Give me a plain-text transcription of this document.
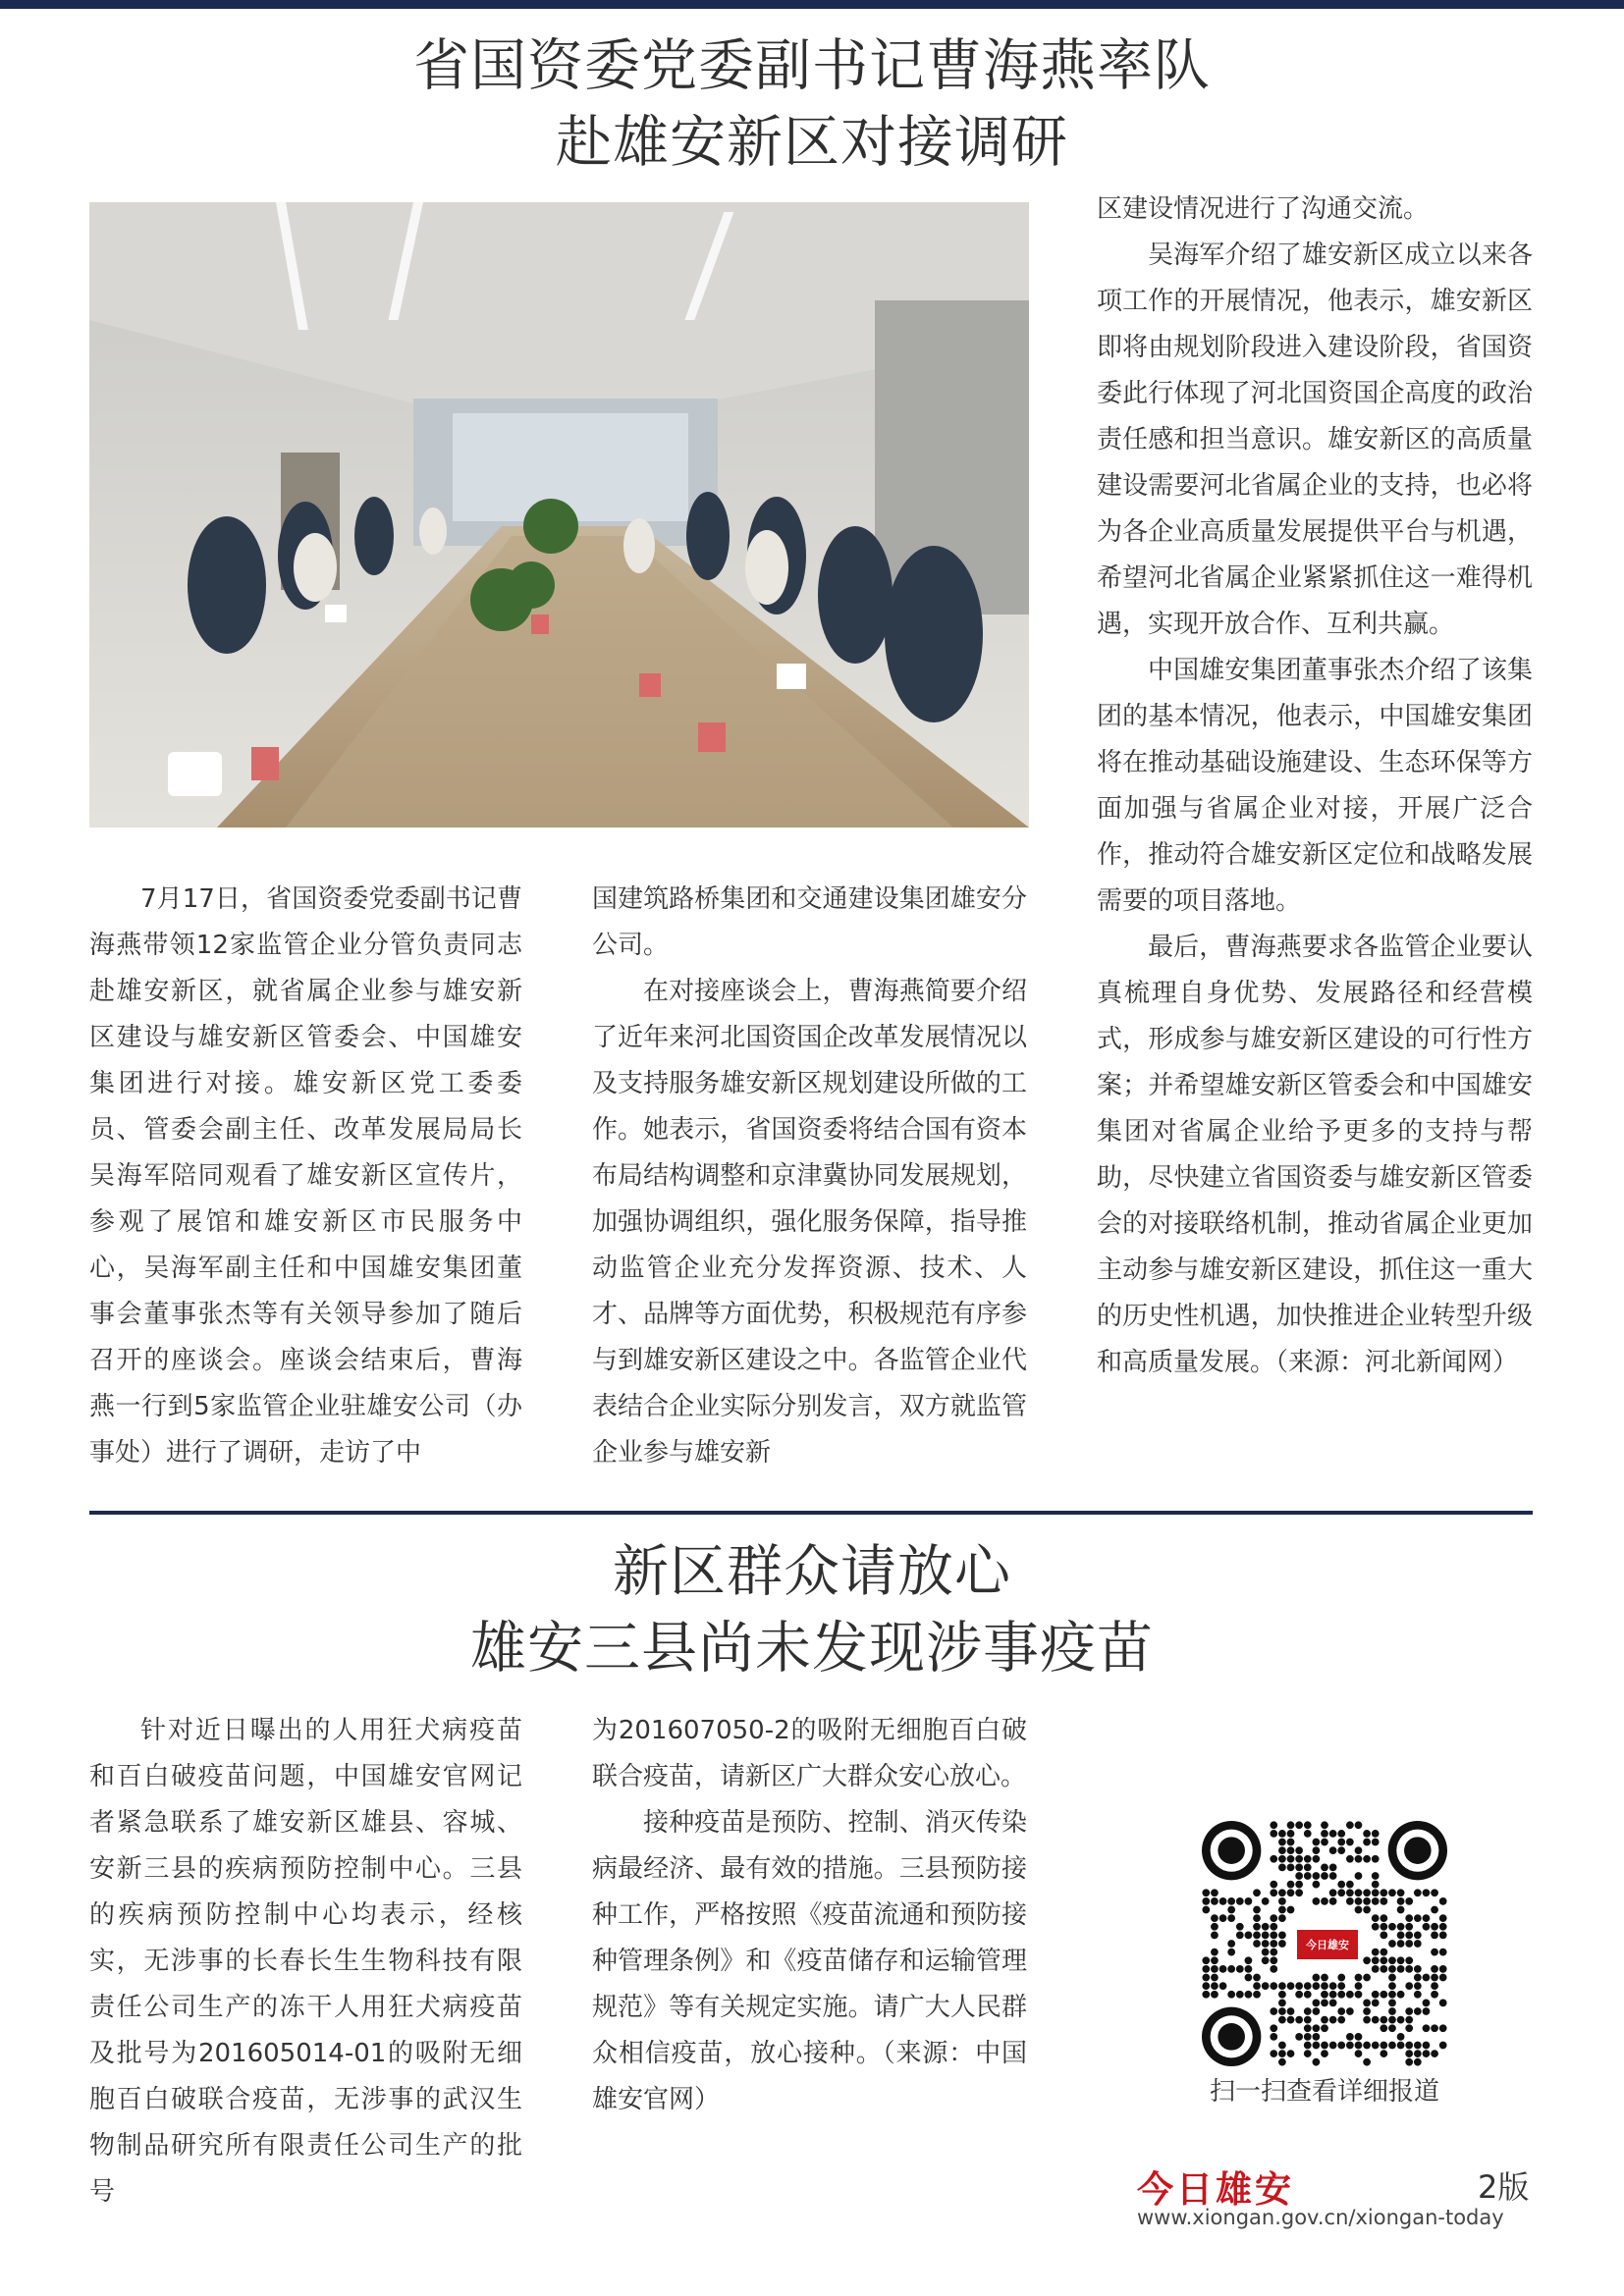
省国资委党委副书记曹海燕率队
赴雄安新区对接调研

7月17日，省国资委党委副书记曹海燕带领12家监管企业分管负责同志赴雄安新区，就省属企业参与雄安新区建设与雄安新区管委会、中国雄安集团进行对接。雄安新区党工委委员、管委会副主任、改革发展局局长吴海军陪同观看了雄安新区宣传片，参观了展馆和雄安新区市民服务中心，吴海军副主任和中国雄安集团董事会董事张杰等有关领导参加了随后召开的座谈会。座谈会结束后，曹海燕一行到5家监管企业驻雄安公司（办事处）进行了调研，走访了中

国建筑路桥集团和交通建设集团雄安分公司。

在对接座谈会上，曹海燕简要介绍了近年来河北国资国企改革发展情况以及支持服务雄安新区规划建设所做的工作。她表示，省国资委将结合国有资本布局结构调整和京津冀协同发展规划，加强协调组织，强化服务保障，指导推动监管企业充分发挥资源、技术、人才、品牌等方面优势，积极规范有序参与到雄安新区建设之中。各监管企业代表结合企业实际分别发言，双方就监管企业参与雄安新

区建设情况进行了沟通交流。

吴海军介绍了雄安新区成立以来各项工作的开展情况，他表示，雄安新区即将由规划阶段进入建设阶段，省国资委此行体现了河北国资国企高度的政治责任感和担当意识。雄安新区的高质量建设需要河北省属企业的支持，也必将为各企业高质量发展提供平台与机遇，希望河北省属企业紧紧抓住这一难得机遇，实现开放合作、互利共赢。

中国雄安集团董事张杰介绍了该集团的基本情况，他表示，中国雄安集团将在推动基础设施建设、生态环保等方面加强与省属企业对接，开展广泛合作，推动符合雄安新区定位和战略发展需要的项目落地。

最后，曹海燕要求各监管企业要认真梳理自身优势、发展路径和经营模式，形成参与雄安新区建设的可行性方案；并希望雄安新区管委会和中国雄安集团对省属企业给予更多的支持与帮助，尽快建立省国资委与雄安新区管委会的对接联络机制，推动省属企业更加主动参与雄安新区建设，抓住这一重大的历史性机遇，加快推进企业转型升级和高质量发展。（来源：河北新闻网）

新区群众请放心
雄安三县尚未发现涉事疫苗

针对近日曝出的人用狂犬病疫苗和百白破疫苗问题，中国雄安官网记者紧急联系了雄安新区雄县、容城、安新三县的疾病预防控制中心。三县的疾病预防控制中心均表示，经核实，无涉事的长春长生生物科技有限责任公司生产的冻干人用狂犬病疫苗及批号为201605014-01的吸附无细胞百白破联合疫苗，无涉事的武汉生物制品研究所有限责任公司生产的批号

为201607050-2的吸附无细胞百白破联合疫苗，请新区广大群众安心放心。

接种疫苗是预防、控制、消灭传染病最经济、最有效的措施。三县预防接种工作，严格按照《疫苗流通和预防接种管理条例》和《疫苗储存和运输管理规范》等有关规定实施。请广大人民群众相信疫苗，放心接种。（来源：中国雄安官网）

今日雄安
扫一扫查看详细报道
今日雄安	2版
www.xiongan.gov.cn/xiongan-today
